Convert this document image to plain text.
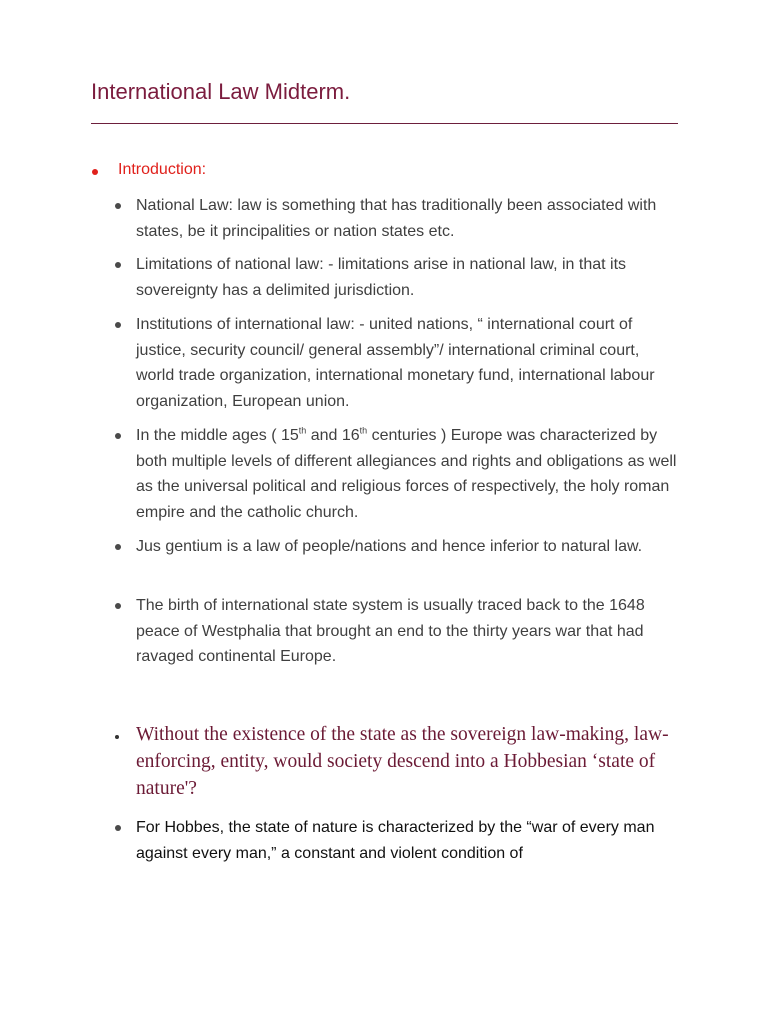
International Law Midterm.
Introduction:
National Law: law is something that has traditionally been associated with states, be it principalities or nation states etc.
Limitations of national law: - limitations arise in national law, in that its sovereignty has a delimited jurisdiction.
Institutions of international law: - united nations, “ international court of justice, security council/ general assembly”/ international criminal court, world trade organization, international monetary fund, international labour organization, European union.
In the middle ages ( 15th and 16th centuries ) Europe was characterized by both multiple levels of different allegiances and rights and obligations as well as the universal political and religious forces of respectively, the holy roman empire and the catholic church.
Jus gentium is a law of people/nations and hence inferior to natural law.
The birth of international state system is usually traced back to the 1648 peace of Westphalia that brought an end to the thirty years war that had ravaged continental Europe.
Without the existence of the state as the sovereign law-making, law-enforcing, entity, would society descend into a Hobbesian ‘state of nature'?
For Hobbes, the state of nature is characterized by the “war of every man against every man,” a constant and violent condition of
